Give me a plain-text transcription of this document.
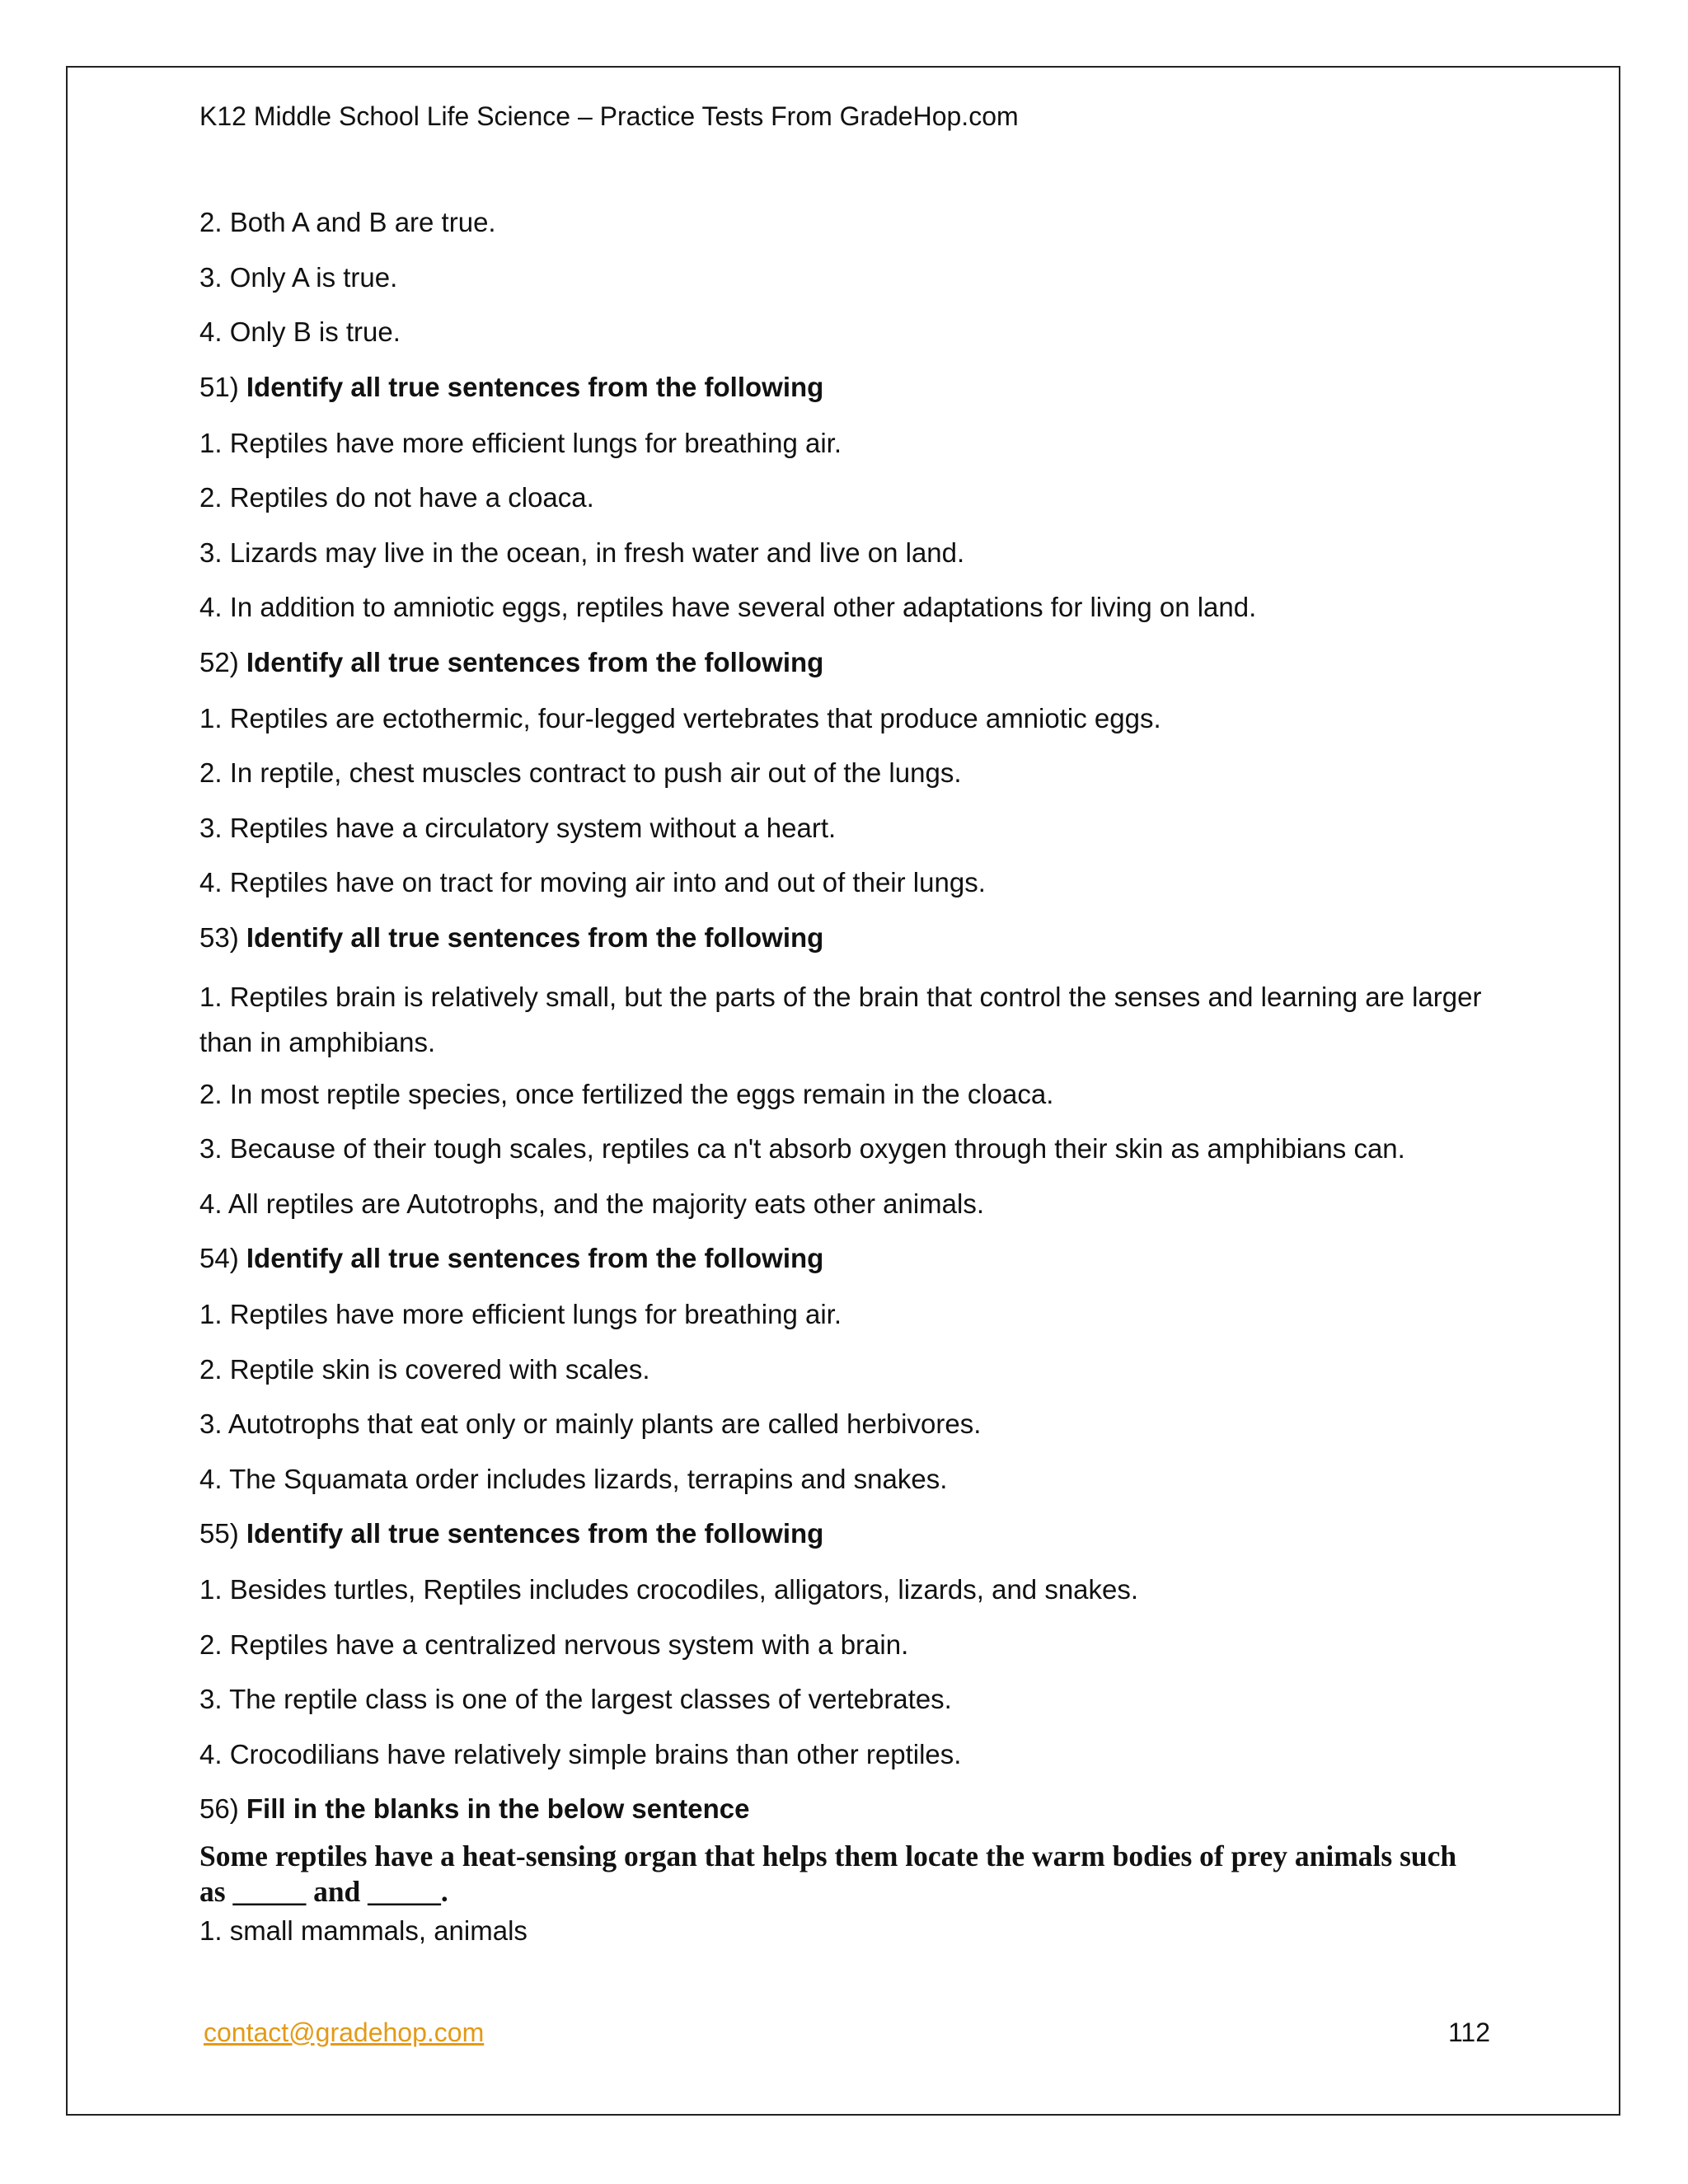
K12 Middle School Life Science – Practice Tests From GradeHop.com
2. Both A and B are true.
3. Only A is true.
4. Only B is true.
51) Identify all true sentences from the following
1. Reptiles have more efficient lungs for breathing air.
2. Reptiles do not have a cloaca.
3. Lizards may live in the ocean, in fresh water and live on land.
4. In addition to amniotic eggs, reptiles have several other adaptations for living on land.
52) Identify all true sentences from the following
1. Reptiles are ectothermic, four-legged vertebrates that produce amniotic eggs.
2. In reptile, chest muscles contract to push air out of the lungs.
3. Reptiles have a circulatory system without a heart.
4. Reptiles have on tract for moving air into and out of their lungs.
53) Identify all true sentences from the following
1. Reptiles brain is relatively small, but the parts of the brain that control the senses and learning are larger than in amphibians.
2. In most reptile species, once fertilized the eggs remain in the cloaca.
3. Because of their tough scales, reptiles ca n't absorb oxygen through their skin as amphibians can.
4. All reptiles are Autotrophs, and the majority eats other animals.
54) Identify all true sentences from the following
1. Reptiles have more efficient lungs for breathing air.
2. Reptile skin is covered with scales.
3. Autotrophs that eat only or mainly plants are called herbivores.
4. The Squamata order includes lizards, terrapins and snakes.
55) Identify all true sentences from the following
1. Besides turtles, Reptiles includes crocodiles, alligators, lizards, and snakes.
2. Reptiles have a centralized nervous system with a brain.
3. The reptile class is one of the largest classes of vertebrates.
4. Crocodilians have relatively simple brains than other reptiles.
56) Fill in the blanks in the below sentence
Some reptiles have a heat-sensing organ that helps them locate the warm bodies of prey animals such as _____ and _____.
1. small mammals, animals
contact@gradehop.com	112
